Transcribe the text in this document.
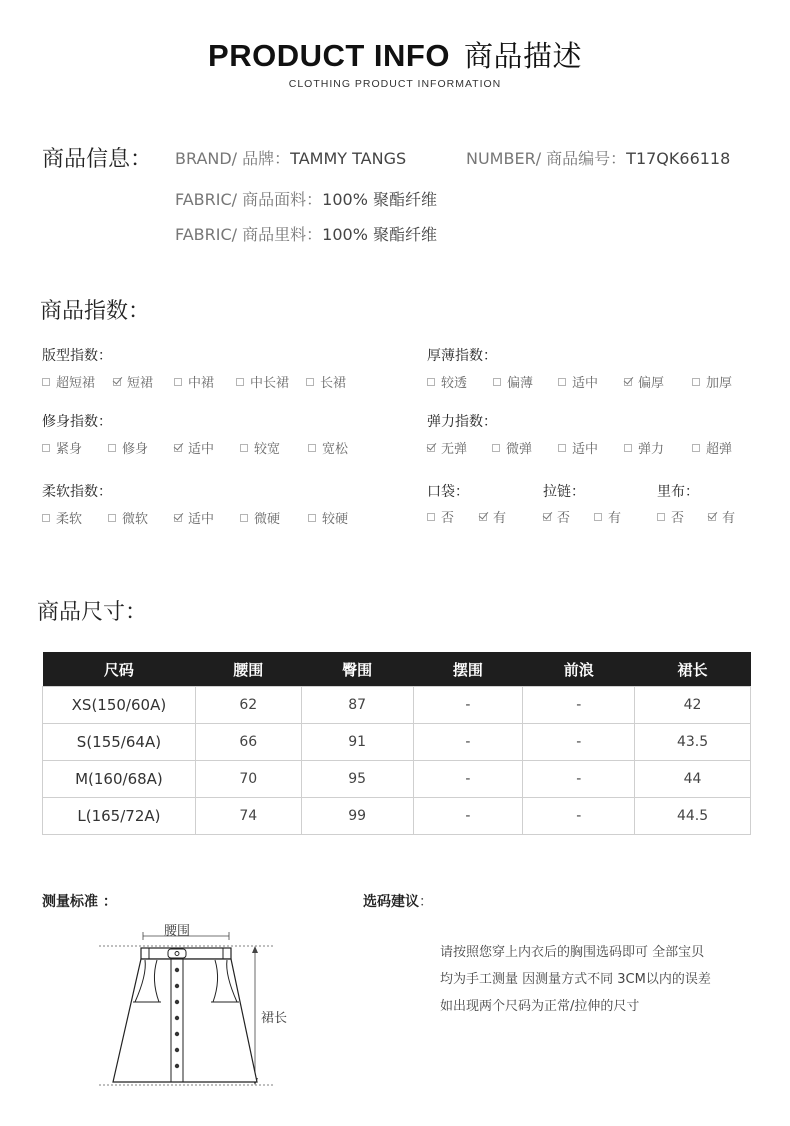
PRODUCT INFO 商品描述
CLOTHING PRODUCT INFORMATION
商品信息： BRAND/ 品牌：TAMMY TANGS	NUMBER/ 商品编号：T17QK66118
FABRIC/ 商品面料：100% 聚酯纤维
FABRIC/ 商品里料：100% 聚酯纤维
商品指数：
版型指数：
超短裙 短裙	中裙	中长裙 长裙
厚薄指数：
较透	偏薄	适中	偏厚	加厚
修身指数：
紧身	修身	适中	较宽	宽松
弹力指数：
无弹	微弹	适中	弹力	超弹
柔软指数：
柔软	微软	适中	微硬	较硬
口袋：
否	有
拉链：
否	有
里布：
否	有
商品尺寸：
尺码	腰围	臀围	摆围	前浪	裙长
XS(150/60A)	62	87	-	-	42
S(155/64A)	66	91	-	-	43.5
M(160/68A)	70	95	-	-	44
L(165/72A)	74	99	-	-	44.5
测量标准 ：
腰围
裙长
选码建议：
请按照您穿上内衣后的胸围选码即可 全部宝贝
均为手工测量 因测量方式不同 3CM以内的误差
如出现两个尺码为正常/拉伸的尺寸
